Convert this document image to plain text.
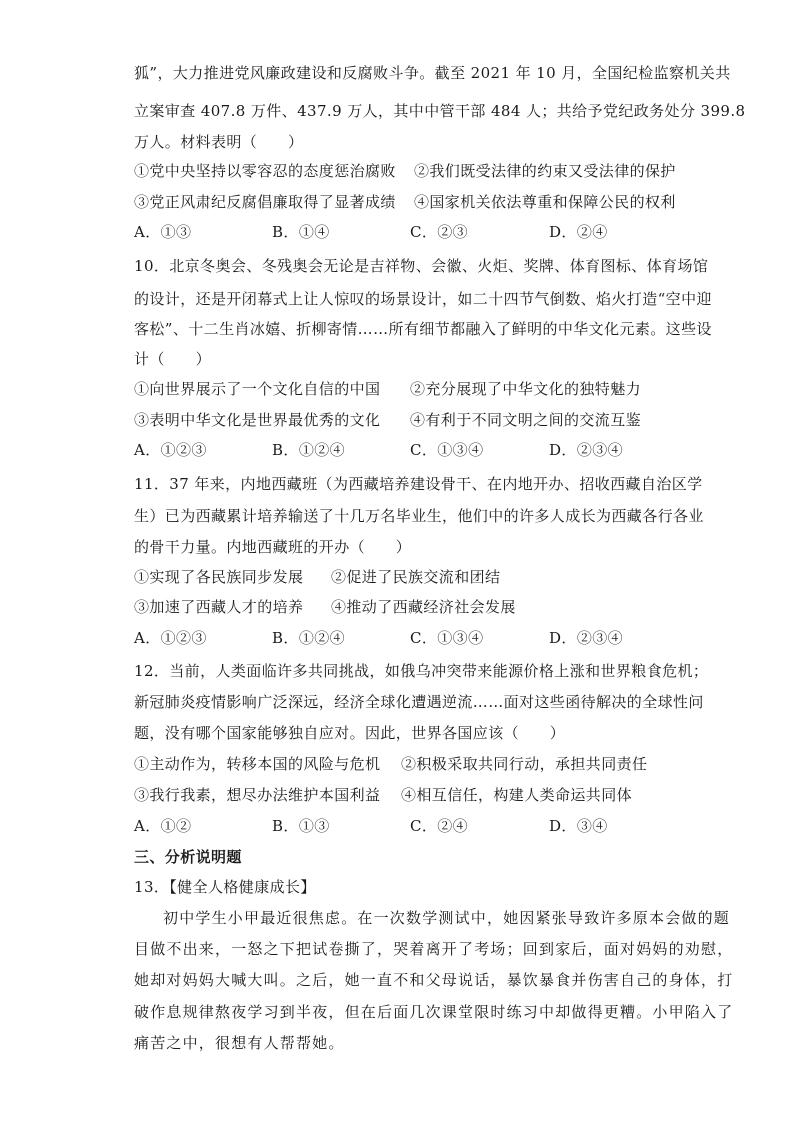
狐”，大力推进党风廉政建设和反腐败斗争。截至 2021 年 10 月，全国纪检监察机关共
立案审查 407.8 万件、437.9 万人，其中中管干部 484 人；共给予党纪政务处分 399.8
万人。材料表明（　　）
①党中央坚持以零容忍的态度惩治腐败 ②我们既受法律的约束又受法律的保护
③党正风肃纪反腐倡廉取得了显著成绩 ④国家机关依法尊重和保障公民的权利
A．①③	B．①④	C．②③	D．②④
10．北京冬奥会、冬残奥会无论是吉祥物、会徽、火炬、奖牌、体育图标、体育场馆
的设计，还是开闭幕式上让人惊叹的场景设计，如二十四节气倒数、焰火打造“空中迎
客松”、十二生肖冰嬉、折柳寄情……所有细节都融入了鲜明的中华文化元素。这些设
计（　　）
①向世界展示了一个文化自信的中国 ②充分展现了中华文化的独特魅力
③表明中华文化是世界最优秀的文化 ④有利于不同文明之间的交流互鉴
A．①②③	B．①②④	C．①③④	D．②③④
11．37 年来，内地西藏班（为西藏培养建设骨干、在内地开办、招收西藏自治区学
生）已为西藏累计培养输送了十几万名毕业生，他们中的许多人成长为西藏各行各业
的骨干力量。内地西藏班的开办（　　）
①实现了各民族同步发展 ②促进了民族交流和团结
③加速了西藏人才的培养 ④推动了西藏经济社会发展
A．①②③	B．①②④	C．①③④	D．②③④
12．当前，人类面临许多共同挑战，如俄乌冲突带来能源价格上涨和世界粮食危机；
新冠肺炎疫情影响广泛深远，经济全球化遭遇逆流……面对这些函待解决的全球性问
题，没有哪个国家能够独自应对。因此，世界各国应该（　　）
①主动作为，转移本国的风险与危机 ②积极采取共同行动，承担共同责任
③我行我素，想尽办法维护本国利益 ④相互信任，构建人类命运共同体
A．①②	B．①③	C．②④	D．③④
三、分析说明题
13．【健全人格健康成长】
初中学生小甲最近很焦虑。在一次数学测试中，她因紧张导致许多原本会做的题
目做不出来，一怒之下把试卷撕了，哭着离开了考场；回到家后，面对妈妈的劝慰，
她却对妈妈大喊大叫。之后，她一直不和父母说话，暴饮暴食并伤害自己的身体，打
破作息规律熬夜学习到半夜，但在后面几次课堂限时练习中却做得更糟。小甲陷入了
痛苦之中，很想有人帮帮她。
